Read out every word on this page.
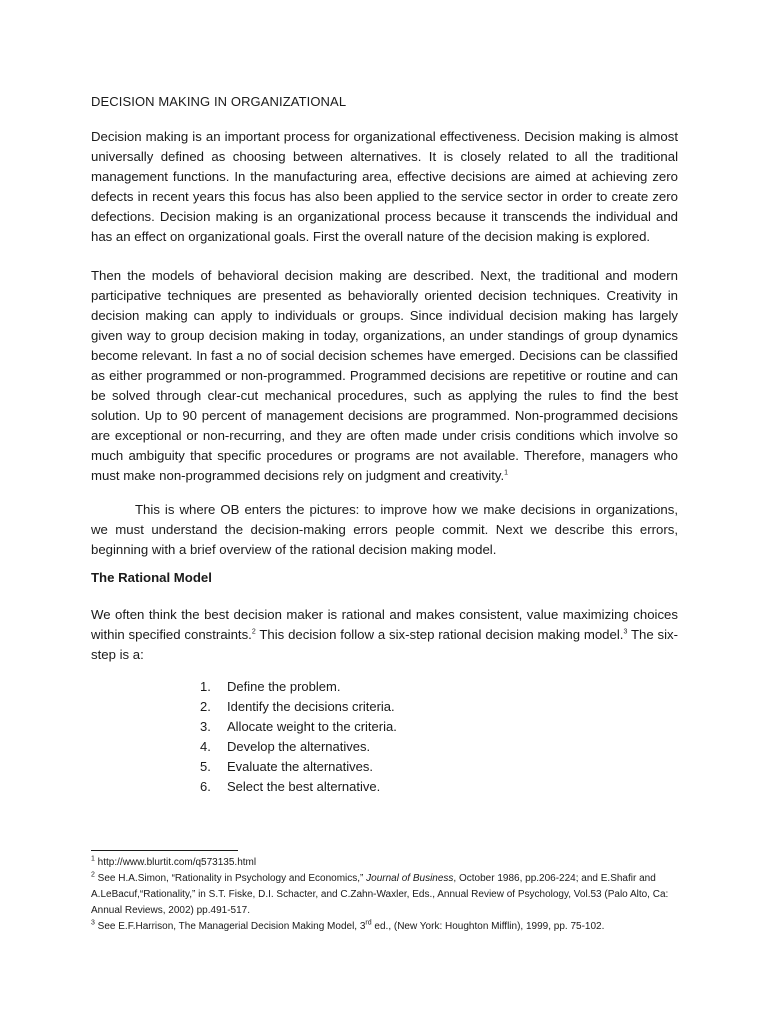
DECISION MAKING IN ORGANIZATIONAL
Decision making is an important process for organizational effectiveness. Decision making is almost universally defined as choosing between alternatives. It is closely related to all the traditional management functions. In the manufacturing area, effective decisions are aimed at achieving zero defects in recent years this focus has also been applied to the service sector in order to create zero defections. Decision making is an organizational process because it transcends the individual and has an effect on organizational goals. First the overall nature of the decision making is explored.
Then the models of behavioral decision making are described. Next, the traditional and modern participative techniques are presented as behaviorally oriented decision techniques. Creativity in decision making can apply to individuals or groups. Since individual decision making has largely given way to group decision making in today, organizations, an under standings of group dynamics become relevant. In fast a no of social decision schemes have emerged. Decisions can be classified as either programmed or non-programmed. Programmed decisions are repetitive or routine and can be solved through clear-cut mechanical procedures, such as applying the rules to find the best solution. Up to 90 percent of management decisions are programmed. Non-programmed decisions are exceptional or non-recurring, and they are often made under crisis conditions which involve so much ambiguity that specific procedures or programs are not available. Therefore, managers who must make non-programmed decisions rely on judgment and creativity.$^1$
This is where OB enters the pictures: to improve how we make decisions in organizations, we must understand the decision-making errors people commit. Next we describe this errors, beginning with a brief overview of the rational decision making model.
The Rational Model
We often think the best decision maker is rational and makes consistent, value maximizing choices within specified constraints.$^2$ This decision follow a six-step rational decision making model.$^3$ The six-step is a:
1.	Define the problem.
2.	Identify the decisions criteria.
3.	Allocate weight to the criteria.
4.	Develop the alternatives.
5.	Evaluate the alternatives.
6.	Select the best alternative.

$^1$ http://www.blurtit.com/q573135.html

$^2$ See H.A.Simon, “Rationality in Psychology and Economics,” Journal of Business, October 1986, pp.206-224; and E.Shafir and A.LeBacuf,“Rationality,” in S.T. Fiske, D.I. Schacter, and C.Zahn-Waxler, Eds., Annual Review of Psychology, Vol.53 (Palo Alto, Ca: Annual Reviews, 2002) pp.491-517.

$^3$ See E.F.Harrison, The Managerial Decision Making Model, 3rd ed., (New York: Houghton Mifflin), 1999, pp. 75-102.
